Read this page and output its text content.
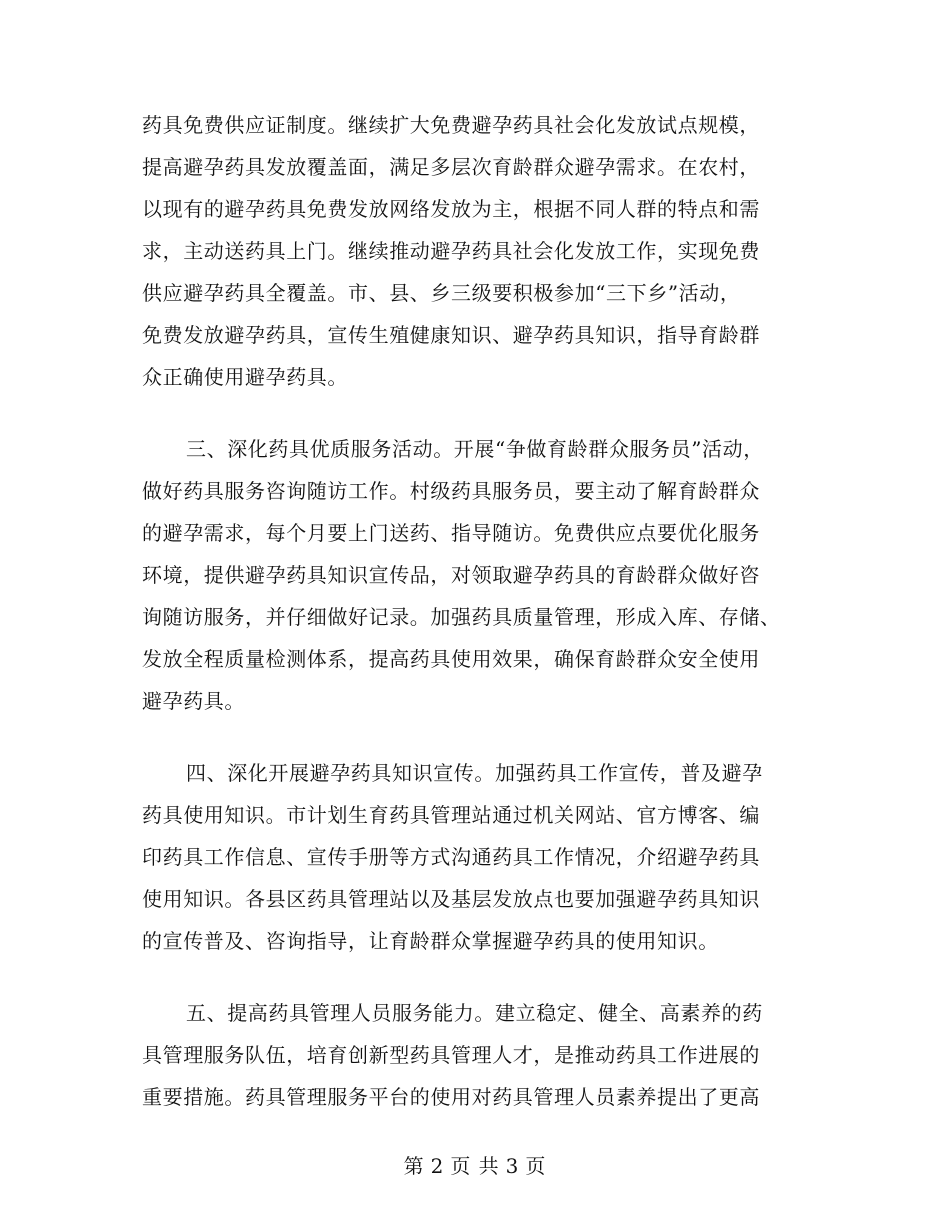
药具免费供应证制度。继续扩大免费避孕药具社会化发放试点规模，
提高避孕药具发放覆盖面，满足多层次育龄群众避孕需求。在农村，
以现有的避孕药具免费发放网络发放为主，根据不同人群的特点和需
求，主动送药具上门。继续推动避孕药具社会化发放工作，实现免费
供应避孕药具全覆盖。市、县、乡三级要积极参加“三下乡”活动，
免费发放避孕药具，宣传生殖健康知识、避孕药具知识，指导育龄群
众正确使用避孕药具。
三、深化药具优质服务活动。开展“争做育龄群众服务员”活动，
做好药具服务咨询随访工作。村级药具服务员，要主动了解育龄群众
的避孕需求，每个月要上门送药、指导随访。免费供应点要优化服务
环境，提供避孕药具知识宣传品，对领取避孕药具的育龄群众做好咨
询随访服务，并仔细做好记录。加强药具质量管理，形成入库、存储、
发放全程质量检测体系，提高药具使用效果，确保育龄群众安全使用
避孕药具。
四、深化开展避孕药具知识宣传。加强药具工作宣传，普及避孕
药具使用知识。市计划生育药具管理站通过机关网站、官方博客、编
印药具工作信息、宣传手册等方式沟通药具工作情况，介绍避孕药具
使用知识。各县区药具管理站以及基层发放点也要加强避孕药具知识
的宣传普及、咨询指导，让育龄群众掌握避孕药具的使用知识。
五、提高药具管理人员服务能力。建立稳定、健全、高素养的药
具管理服务队伍，培育创新型药具管理人才，是推动药具工作进展的
重要措施。药具管理服务平台的使用对药具管理人员素养提出了更高
第 2 页 共 3 页
